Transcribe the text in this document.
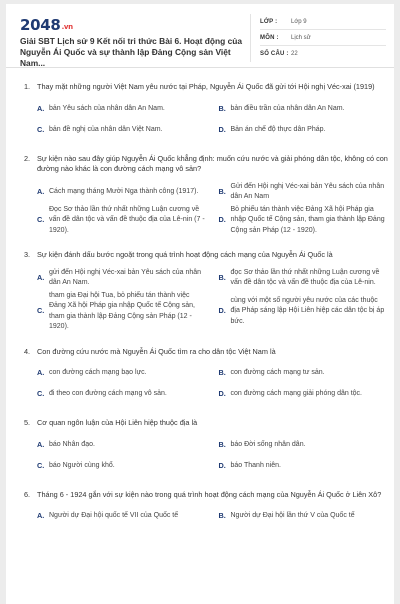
2048.vn
Giải SBT Lịch sử 9 Kết nối tri thức Bài 6. Hoạt động của
Nguyễn Ái Quốc và sự thành lập Đảng Cộng sản Việt Nam...
LỚP :	Lớp 9
MÔN :	Lịch sử
SỐ CÂU : 22
1. Thay mặt những người Việt Nam yêu nước tại Pháp, Nguyễn Ái Quốc đã gửi tới Hội nghị Véc-xai (1919)
A. bản Yêu sách của nhân dân An Nam.	B. bản điều trần của nhân dân An Nam.
C. bản đề nghị của nhân dân Việt Nam.	D. Bản án chế độ thực dân Pháp.
2. Sự kiện nào sau đây giúp Nguyễn Ái Quốc khẳng định: muốn cứu nước và giải phóng dân tộc, không có con đường nào khác là con đường cách mạng vô sản?
A. Cách mạng tháng Mười Nga thành công (1917).	B.
Gửi đến Hội nghị Véc-xai bản Yêu sách của nhân dân An Nam
C.
Đọc Sơ thảo lần thứ nhất những Luận cương về vấn đề dân tộc và vấn đề thuộc địa của Lê-nin (7 - 1920).
D.
Bỏ phiếu tán thành việc Đảng Xã hội Pháp gia nhập Quốc tế Cộng sản, tham gia thành lập Đảng Cộng sản Pháp (12 - 1920).
3. Sự kiện đánh dấu bước ngoặt trong quá trình hoạt động cách mạng của Nguyễn Ái Quốc là
A.
gửi đến Hội nghị Véc-xai bản Yêu sách của nhân dân An Nam.
B.
đọc Sơ thảo lần thứ nhất những Luận cương về vấn đề dân tộc và vấn đề thuộc địa của Lê-nin.
C.
tham gia Đại hội Tua, bỏ phiếu tán thành việc Đảng Xã hội Pháp gia nhập Quốc tế Cộng sản, tham gia thành lập Đảng Cộng sản Pháp (12 - 1920).
D.
cùng với một số người yêu nước của các thuộc địa Pháp sáng lập Hội Liên hiệp các dân tộc bị áp bức.
4. Con đường cứu nước mà Nguyễn Ái Quốc tìm ra cho dân tộc Việt Nam là
A. con đường cách mạng bạo lực.	B. con đường cách mạng tư sản.
C. đi theo con đường cách mạng vô sản.	D. con đường cách mạng giải phóng dân tộc.
5. Cơ quan ngôn luận của Hội Liên hiệp thuộc địa là
A. báo Nhân đạo.	B. báo Đời sống nhân dân.
C. báo Người cùng khổ.	D. báo Thanh niên.
6. Tháng 6 - 1924 gắn với sự kiện nào trong quá trình hoạt động cách mạng của Nguyễn Ái Quốc ở Liên Xô?
A. Người dự Đại hội quốc tế VII của Quốc tế	B. Người dự Đại hội lần thứ V của Quốc tế
